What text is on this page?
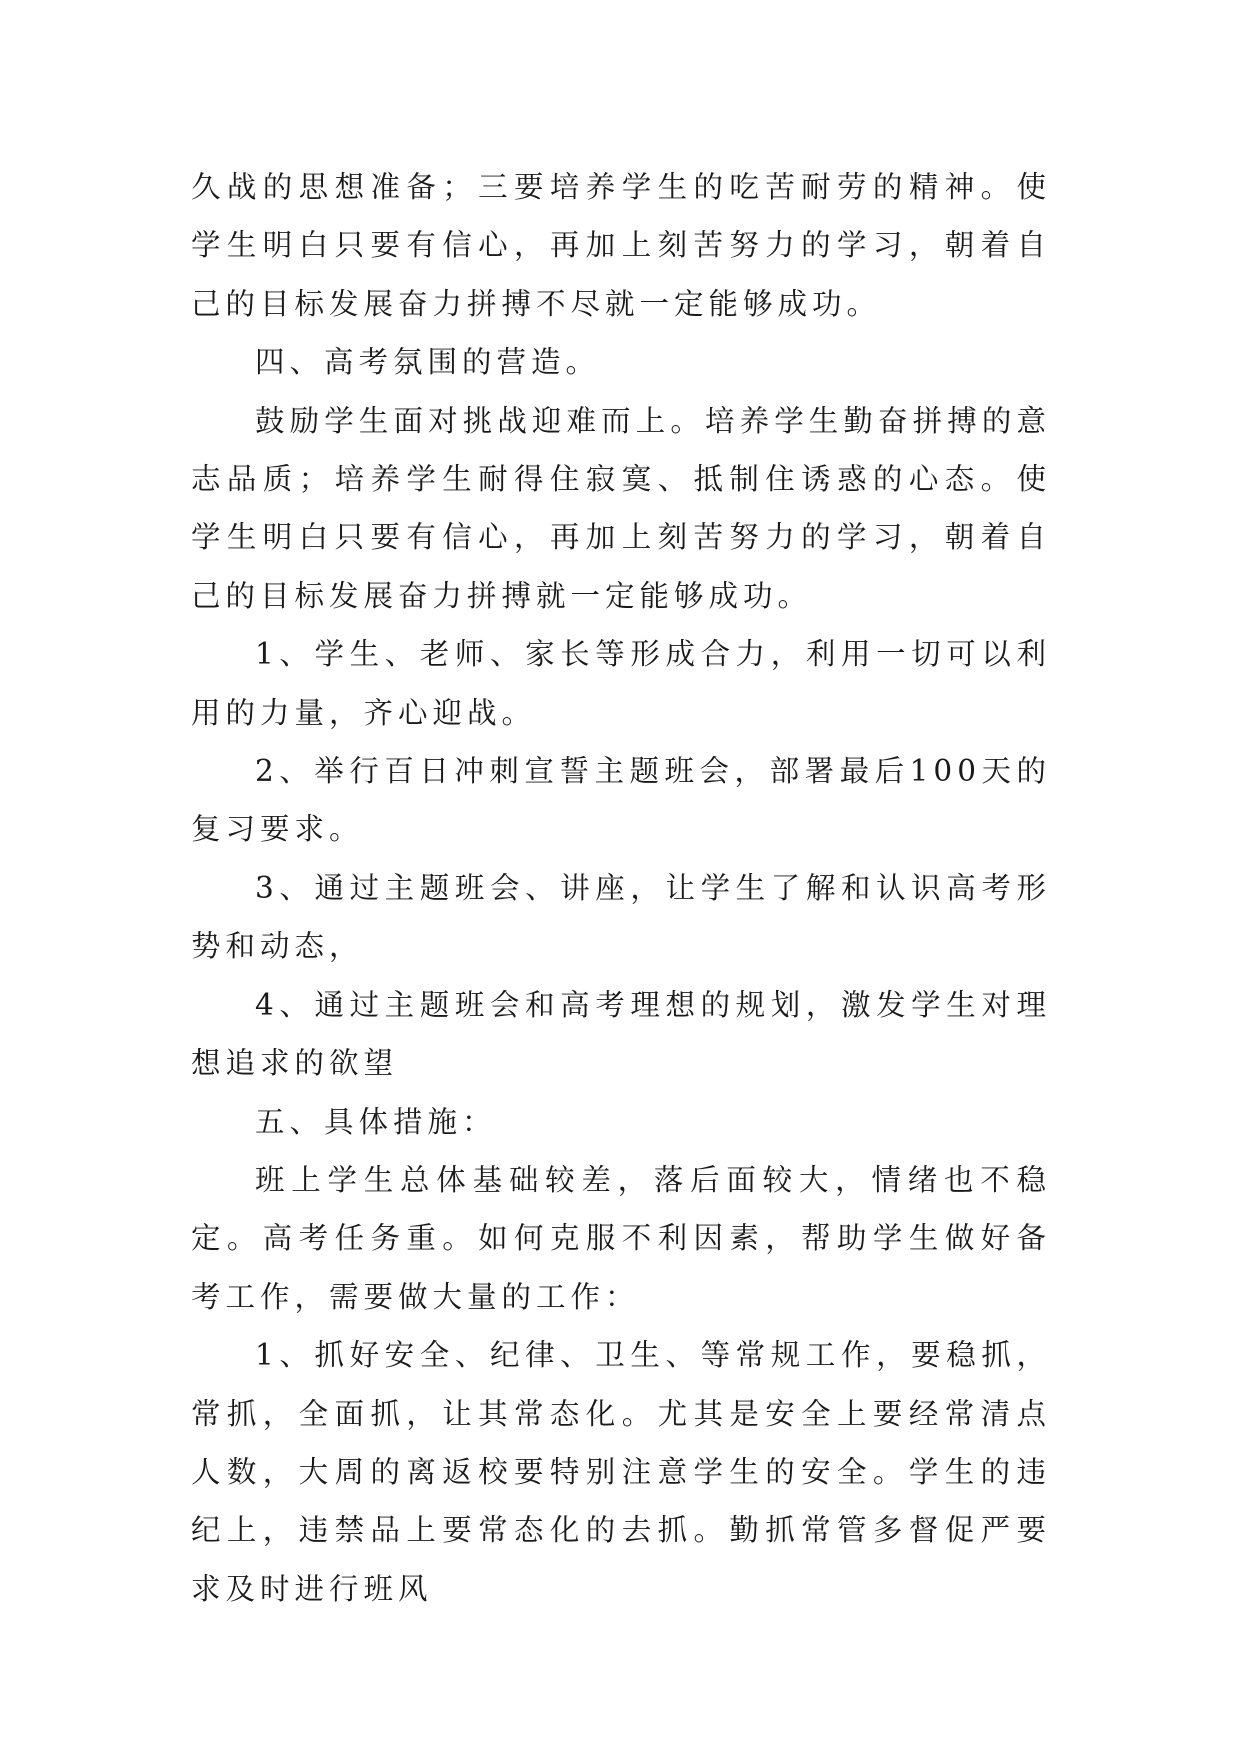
久战的思想准备；三要培养学生的吃苦耐劳的精神。使学生明白只要有信心，再加上刻苦努力的学习，朝着自己的目标发展奋力拼搏不尽就一定能够成功。

四、高考氛围的营造。

鼓励学生面对挑战迎难而上。培养学生勤奋拼搏的意志品质；培养学生耐得住寂寞、抵制住诱惑的心态。使学生明白只要有信心，再加上刻苦努力的学习，朝着自己的目标发展奋力拼搏就一定能够成功。

1、学生、老师、家长等形成合力，利用一切可以利用的力量，齐心迎战。

2、举行百日冲刺宣誓主题班会，部署最后100天的复习要求。

3、通过主题班会、讲座，让学生了解和认识高考形势和动态，

4、通过主题班会和高考理想的规划，激发学生对理想追求的欲望

五、具体措施：

班上学生总体基础较差，落后面较大，情绪也不稳定。高考任务重。如何克服不利因素，帮助学生做好备考工作，需要做大量的工作：

1、抓好安全、纪律、卫生、等常规工作，要稳抓，常抓，全面抓，让其常态化。尤其是安全上要经常清点人数，大周的离返校要特别注意学生的安全。学生的违纪上，违禁品上要常态化的去抓。勤抓常管多督促严要求及时进行班风
